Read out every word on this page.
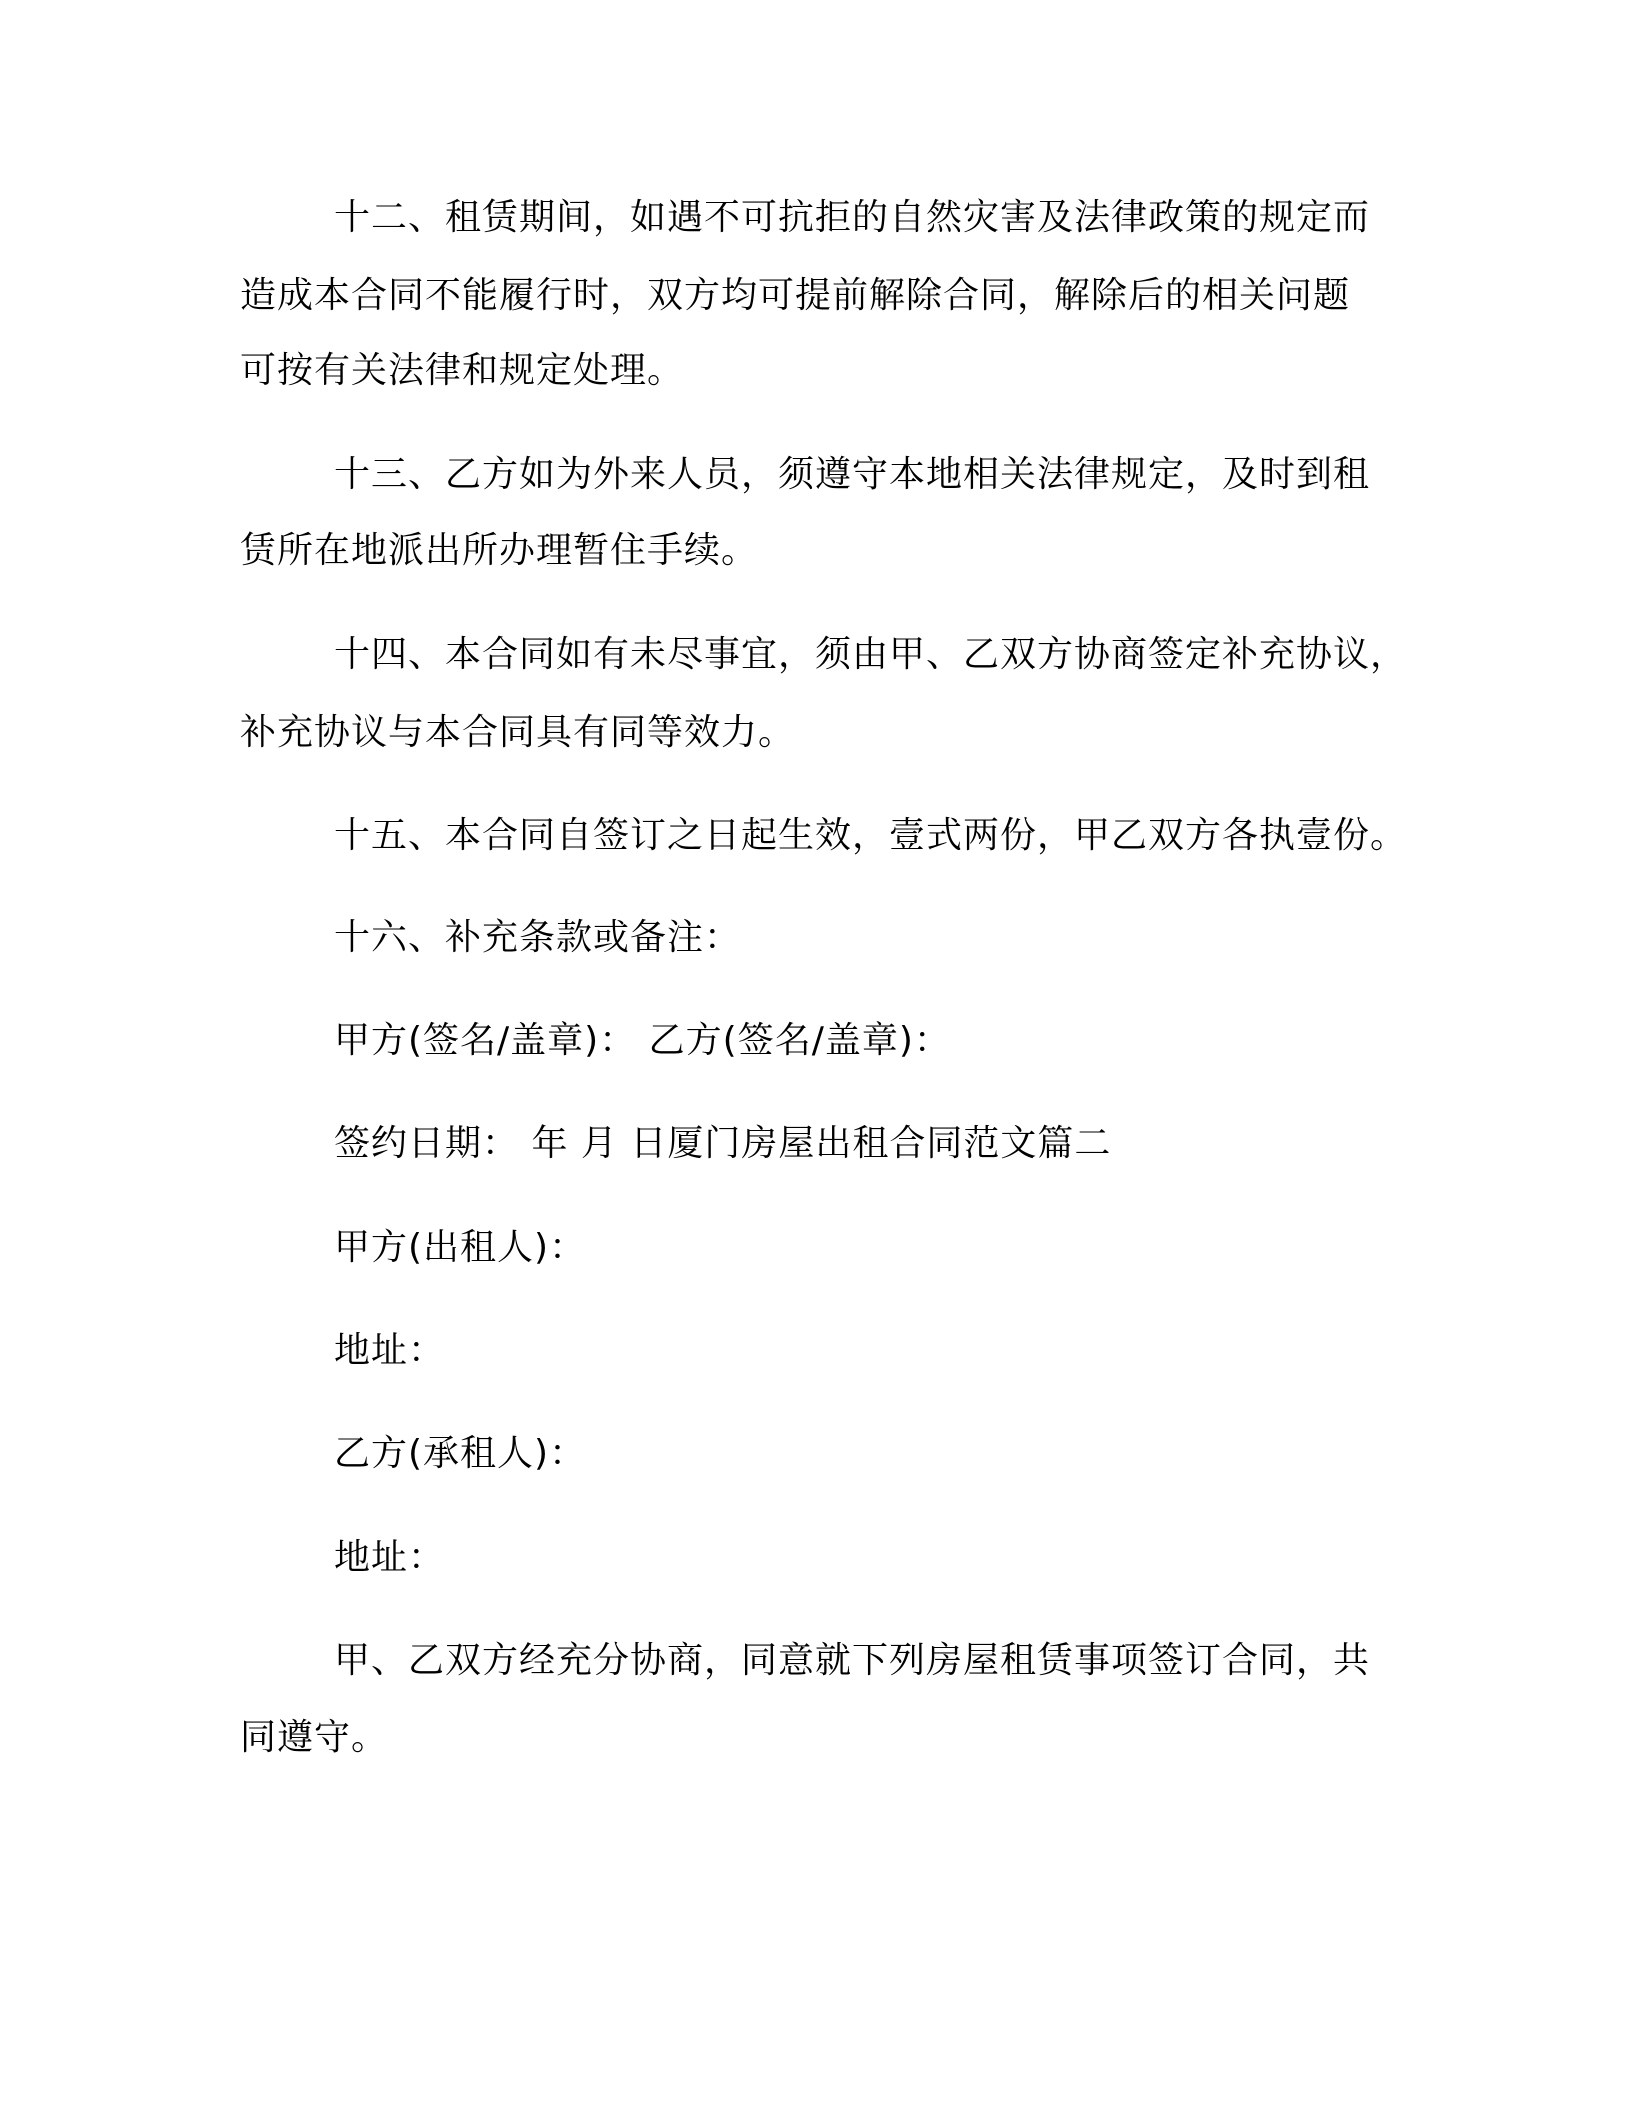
十二、租赁期间，如遇不可抗拒的自然灾害及法律政策的规定而

造成本合同不能履行时，双方均可提前解除合同，解除后的相关问题

可按有关法律和规定处理。

十三、乙方如为外来人员，须遵守本地相关法律规定，及时到租

赁所在地派出所办理暂住手续。

十四、本合同如有未尽事宜，须由甲、乙双方协商签定补充协议，

补充协议与本合同具有同等效力。

十五、本合同自签订之日起生效，壹式两份，甲乙双方各执壹份。

十六、补充条款或备注：

甲方(签名/盖章)： 乙方(签名/盖章)：

签约日期： 年 月 日厦门房屋出租合同范文篇二

甲方(出租人)：

地址：

乙方(承租人)：

地址：

甲、乙双方经充分协商，同意就下列房屋租赁事项签订合同，共

同遵守。
